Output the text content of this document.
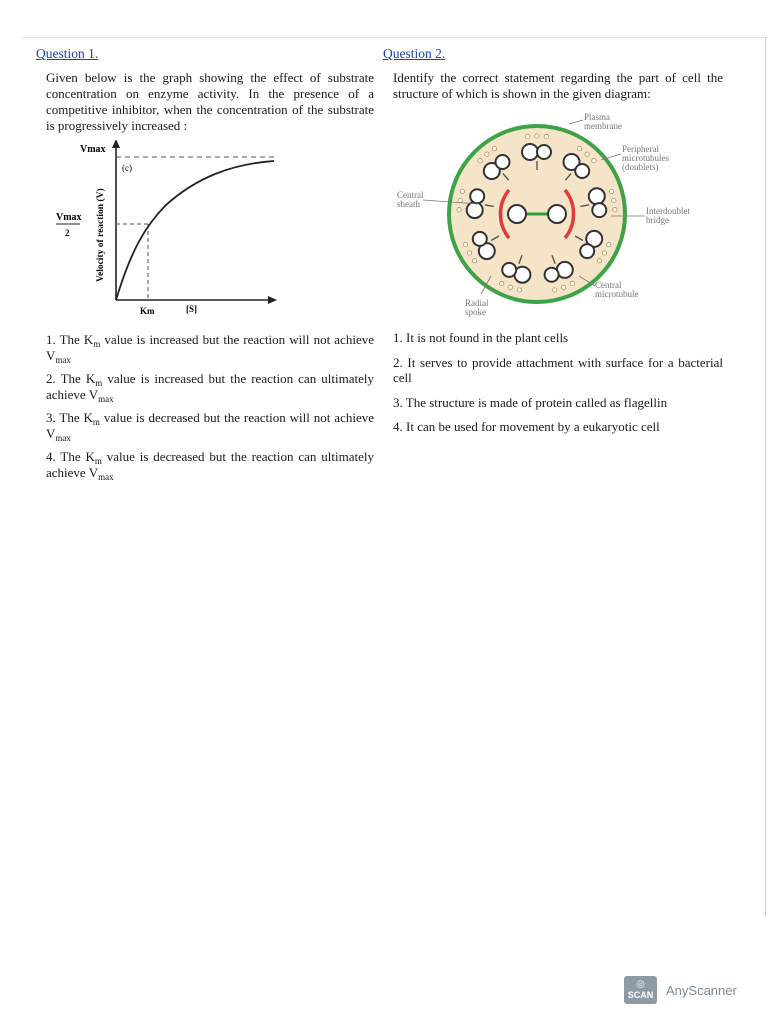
Question 1.
Given below is the graph showing the effect of substrate concentration on enzyme activity. In the presence of a competitive inhibitor, when the concentration of the substrate is progressively increased :
Vmax
(c)
Vmax
2	Velocity of reaction (V)
Km	[S]
1. The $K_m$ value is increased but the reaction will not achieve $V_{max}$
2. The $K_m$ value is increased but the reaction can ultimately achieve $V_{max}$
3. The $K_m$ value is decreased but the reaction will not achieve $V_{max}$
4. The $K_m$ value is decreased but the reaction can ultimately achieve $V_{max}$
Question 2.
Identify the correct statement regarding the part of cell the structure of which is shown in the given diagram:
Plasma
membrane
Peripheral
microtubules
(doublets)
Central
sheath
Interdoublet
bridge
Central
microtubule
Radial
spoke
1. It is not found in the plant cells
2. It serves to provide attachment with surface for a bacterial cell
3. The structure is made of protein called as flagellin
4. It can be used for movement by a eukaryotic cell
◎
SCAN AnyScanner
